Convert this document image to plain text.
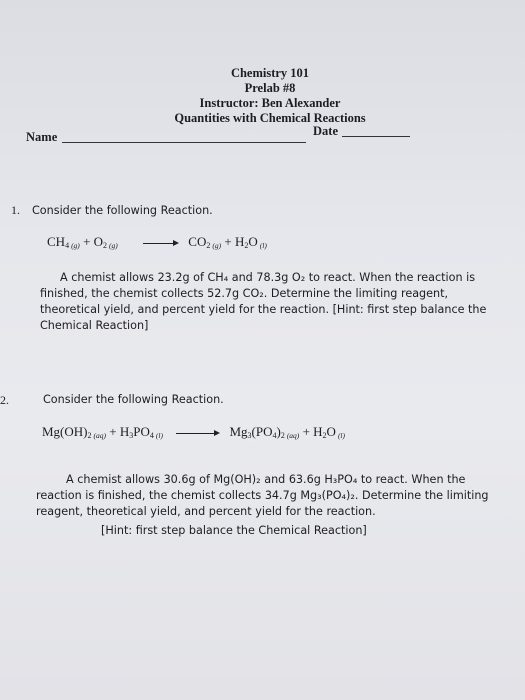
Chemistry 101
Prelab #8
Instructor: Ben Alexander
Quantities with Chemical Reactions
Date
Name
1. Consider the following Reaction.
$CH_4$ $(g) + O_2$ (g)	$CO_2$ $(g) + H_2O$ (l)
A chemist allows 23.2g of CH₄ and 78.3g O₂ to react. When the reaction is finished, the chemist collects 52.7g CO₂. Determine the limiting reagent, theoretical yield, and percent yield for the reaction. [Hint: first step balance the Chemical Reaction]
2.	Consider the following Reaction.
$Mg(OH)_2$ $(aq) + H_3PO_4$ (l)	$Mg_3(PO_4)_2$ $(aq) + H_2O$ (l)
A chemist allows 30.6g of Mg(OH)₂ and 63.6g H₃PO₄ to react. When the reaction is finished, the chemist collects 34.7g Mg₃(PO₄)₂. Determine the limiting reagent, theoretical yield, and percent yield for the reaction.
[Hint: first step balance the Chemical Reaction]
